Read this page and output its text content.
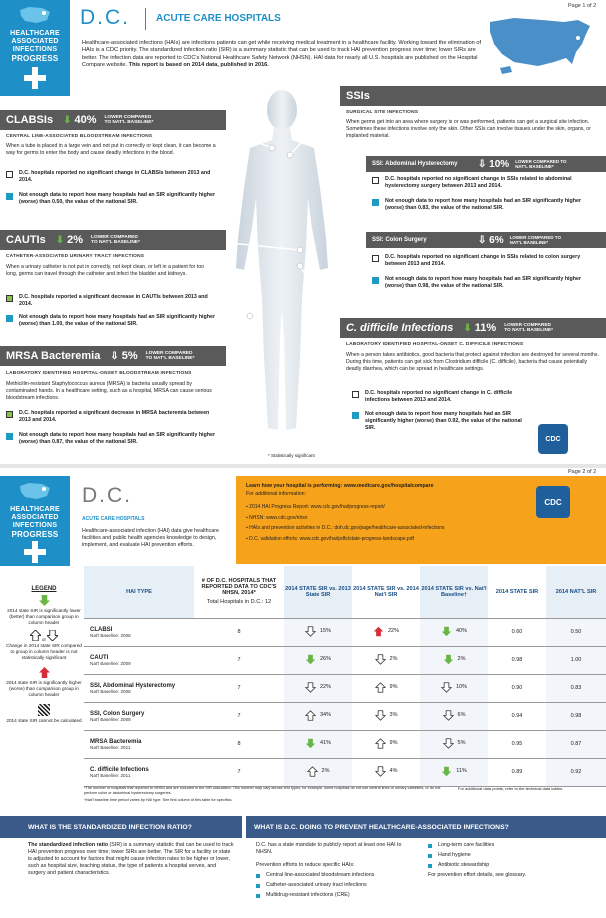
HEALTHCARE
ASSOCIATED
INFECTIONS
PROGRESS
D.C.	ACUTE CARE HOSPITALS
Page 1 of 2
Healthcare-associated infections (HAIs) are infections patients can get while receiving medical treatment in a healthcare facility. Working toward the elimination of HAIs is a CDC priority. The standardized infection ratio (SIR) is a summary statistic that can be used to track HAI prevention progress over time; lower SIRs are better. The infection data are reported to CDC's National Healthcare Safety Network (NHSN). HAI data for nearly all U.S. hospitals are published on the Hospital Compare website. This report is based on 2014 data, published in 2016.
CLABSIs ⬇ 40% LOWER COMPARED TO NAT'L BASELINE*
CENTRAL LINE-ASSOCIATED BLOODSTREAM INFECTIONS
When a tube is placed in a large vein and not put in correctly or kept clean, it can become a way for germs to enter the body and cause deadly infections in the blood.
D.C. hospitals reported no significant change in CLABSIs between 2013 and 2014.
Not enough data to report how many hospitals had an SIR significantly higher (worse) than 0.50, the value of the national SIR.
CAUTIs ⬇ 2% LOWER COMPARED TO NAT'L BASELINE*
CATHETER-ASSOCIATED URINARY TRACT INFECTIONS
When a urinary catheter is not put in correctly, not kept clean, or left in a patient for too long, germs can travel through the catheter and infect the bladder and kidneys.
D.C. hospitals reported a significant decrease in CAUTIs between 2013 and 2014.
Not enough data to report how many hospitals had an SIR significantly higher (worse) than 1.00, the value of the national SIR.
MRSA Bacteremia ⇩ 5% LOWER COMPARED TO NAT'L BASELINE*
LABORATORY IDENTIFIED HOSPITAL-ONSET BLOODSTREAM INFECTIONS
Methicillin-resistant Staphylococcus aureus (MRSA) is bacteria usually spread by contaminated hands. In a healthcare setting, such as a hospital, MRSA can cause serious bloodstream infections.
D.C. hospitals reported a significant decrease in MRSA bacteremia between 2013 and 2014.
Not enough data to report how many hospitals had an SIR significantly higher (worse) than 0.87, the value of the national SIR.
SSIs
SURGICAL SITE INFECTIONS
When germs get into an area where surgery is or was performed, patients can get a surgical site infection. Sometimes these infections involve only the skin. Other SSIs can involve tissues under the skin, organs, or implanted material.
SSI: Abdominal Hysterectomy	⇩ 10% LOWER COMPARED TO NAT'L BASELINE*
D.C. hospitals reported no significant change in SSIs related to abdominal hysterectomy surgery between 2013 and 2014.
Not enough data to report how many hospitals had an SIR significantly higher (worse) than 0.83, the value of the national SIR.
SSI: Colon Surgery	⇩ 6% LOWER COMPARED TO NAT'L BASELINE*
D.C. hospitals reported no significant change in SSIs related to colon surgery between 2013 and 2014.
Not enough data to report how many hospitals had an SIR significantly higher (worse) than 0.98, the value of the national SIR.
C. difficile Infections ⬇ 11% LOWER COMPARED TO NAT'L BASELINE*
LABORATORY IDENTIFIED HOSPITAL-ONSET C. DIFFICILE INFECTIONS
When a person takes antibiotics, good bacteria that protect against infection are destroyed for several months. During this time, patients can get sick from Clostridium difficile (C. difficile), bacteria that cause potentially deadly diarrhea, which can be spread in healthcare settings.
D.C. hospitals reported no significant change in C. difficile infections between 2013 and 2014.
Not enough data to report how many hospitals had an SIR significantly higher (worse) than 0.92, the value of the national SIR.
CDC
* Statistically significant
HEALTHCARE
ASSOCIATED
INFECTIONS
PROGRESS
D.C.
ACUTE CARE HOSPITALS
Healthcare-associated infection (HAI) data give healthcare facilities and public health agencies knowledge to design, implement, and evaluate HAI prevention efforts.
Learn how your hospital is performing: www.medicare.gov/hospitalcompare
For additional information:
▪ 2014 HAI Progress Report: www.cdc.gov/hai/progress-report/
▪ NHSN: www.cdc.gov/nhsn
▪ HAIs and prevention activities in D.C.: doh.dc.gov/page/healthcare-associated-infections
▪ D.C. validation efforts: www.cdc.gov/hai/pdfs/state-progress-landscape.pdf
CDC
Page 2 of 2
LEGEND
2014 state SIR is significantly lower (better) than comparison group in column header
or
Change in 2014 state SIR compared to group in column header is not statistically significant
2014 state SIR is significantly higher (worse) than comparison group in column header
2014 state SIR cannot be calculated
HAI TYPE	# OF D.C. HOSPITALS THAT REPORTED DATA TO CDC'S NHSN, 2014*
Total Hospitals in D.C.: 12	2014 STATE SIR vs. 2013 State SIR	2014 STATE SIR vs. 2014 Nat'l SIR	2014 STATE SIR vs. Nat'l Baseline†	2014 STATE SIR	2014 NAT'L SIR

CLABSI
Nat'l Baseline: 2008	8	15%	22%	40%	0.60	0.50

CAUTI
Nat'l Baseline: 2009	7	26%	2%	2%	0.98	1.00

SSI, Abdominal Hysterectomy
Nat'l Baseline: 2008	7	22%	9%	10%	0.90	0.83

SSI, Colon Surgery
Nat'l Baseline: 2008	7	34%	3%	6%	0.94	0.98

MRSA Bacteremia
Nat'l Baseline: 2011	8	41%	9%	5%	0.95	0.87

C. difficile Infections
Nat'l Baseline: 2011	7	2%	4%	11%	0.89	0.92
*The number of hospitals that reported to NHSN and are included in the SIR calculation. This number may vary across HAI types; for example, some hospitals do not use central lines or urinary catheters, or do not perform colon or abdominal hysterectomy surgeries.
†Nat'l baseline time period varies by HAI type. See first column of this table for specifics.
For additional data points, refer to the technical data tables.
WHAT IS THE STANDARDIZED INFECTION RATIO?	WHAT IS D.C. DOING TO PREVENT HEALTHCARE-ASSOCIATED INFECTIONS?
The standardized infection ratio (SIR) is a summary statistic that can be used to track HAI prevention progress over time; lower SIRs are better. The SIR for a facility or state is adjusted to account for factors that might cause infection rates to be higher or lower, such as hospital size, teaching status, the type of patients a hospital serves, and surgery and patient characteristics.
D.C. has a state mandate to publicly report at least one HAI to NHSN.
Prevention efforts to reduce specific HAIs:
Central line-associated bloodstream infections
Catheter-associated urinary tract infections
Multidrug-resistant infections (CRE)
Long-term care facilities
Hand hygiene
Antibiotic stewardship
For prevention effort details, see glossary.
